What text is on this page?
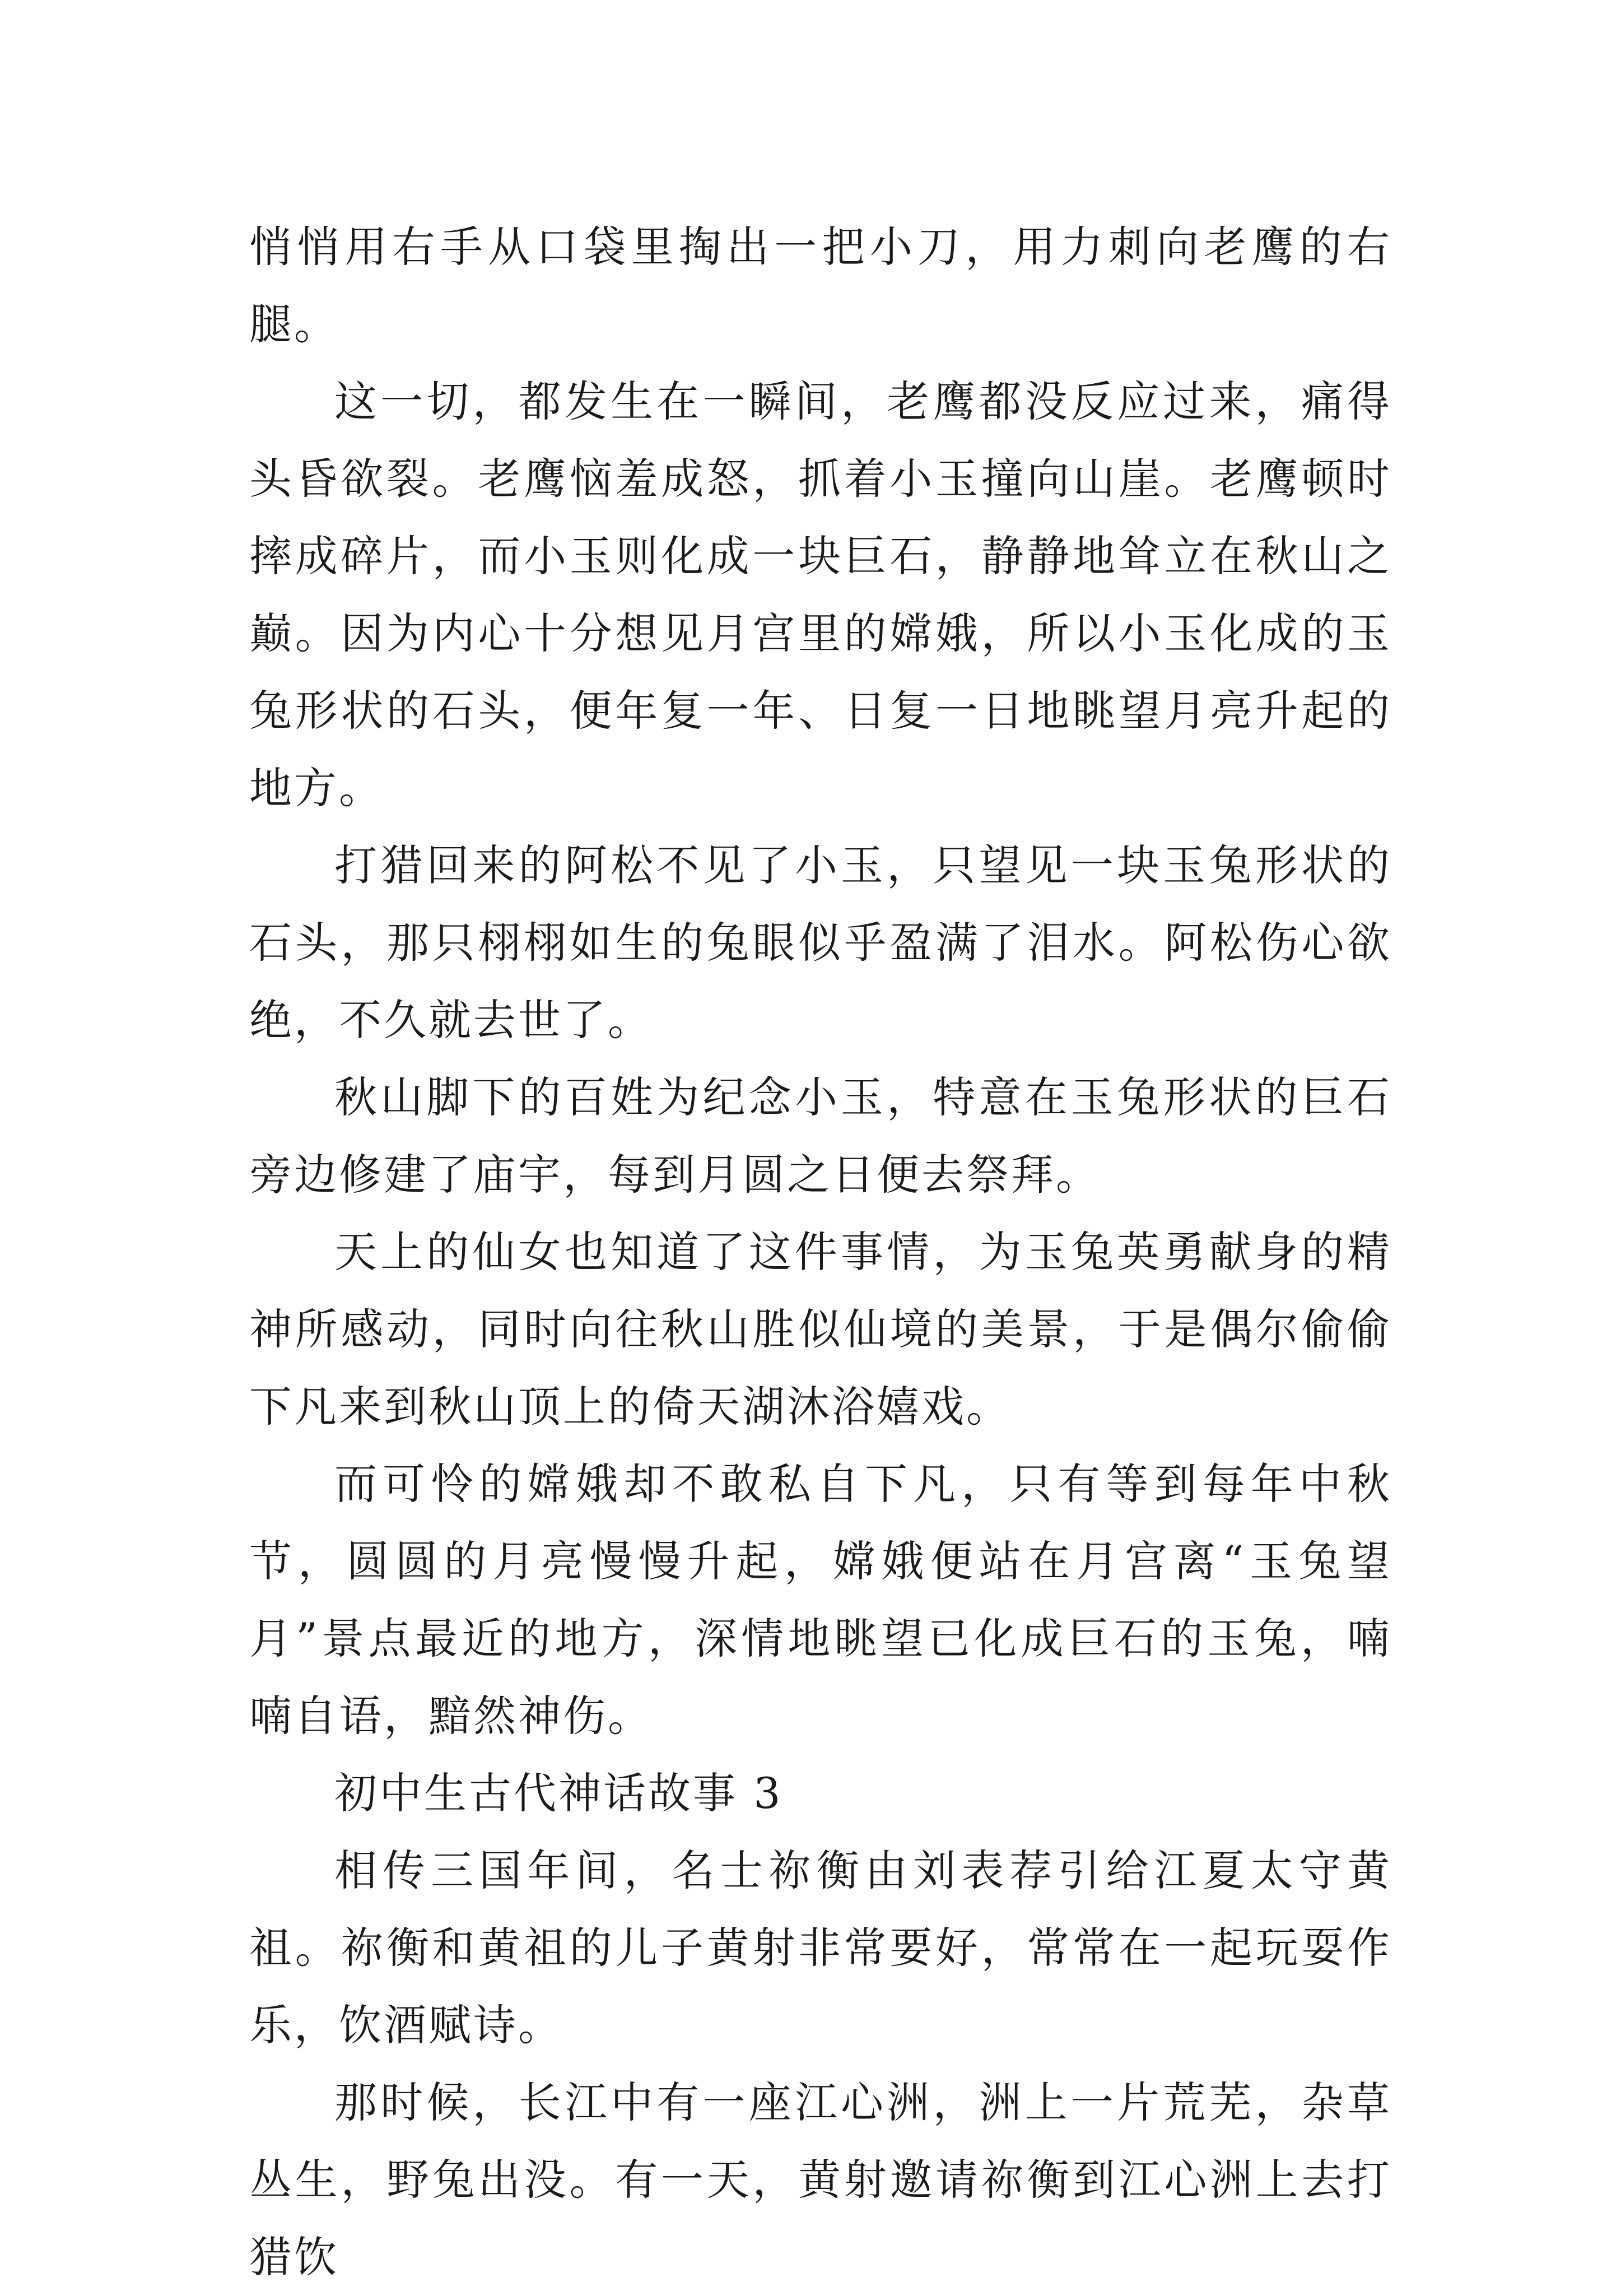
悄悄用右手从口袋里掏出一把小刀，用力刺向老鹰的右腿。

这一切，都发生在一瞬间，老鹰都没反应过来，痛得头昏欲裂。老鹰恼羞成怒，抓着小玉撞向山崖。老鹰顿时摔成碎片，而小玉则化成一块巨石，静静地耸立在秋山之巅。因为内心十分想见月宫里的嫦娥，所以小玉化成的玉兔形状的石头，便年复一年、日复一日地眺望月亮升起的地方。

打猎回来的阿松不见了小玉，只望见一块玉兔形状的石头，那只栩栩如生的兔眼似乎盈满了泪水。阿松伤心欲绝，不久就去世了。

秋山脚下的百姓为纪念小玉，特意在玉兔形状的巨石旁边修建了庙宇，每到月圆之日便去祭拜。

天上的仙女也知道了这件事情，为玉兔英勇献身的精神所感动，同时向往秋山胜似仙境的美景，于是偶尔偷偷下凡来到秋山顶上的倚天湖沐浴嬉戏。

而可怜的嫦娥却不敢私自下凡，只有等到每年中秋节，圆圆的月亮慢慢升起，嫦娥便站在月宫离“玉兔望月”景点最近的地方，深情地眺望已化成巨石的玉兔，喃喃自语，黯然神伤。

初中生古代神话故事 3

相传三国年间，名士祢衡由刘表荐引给江夏太守黄祖。祢衡和黄祖的儿子黄射非常要好，常常在一起玩耍作乐，饮酒赋诗。

那时候，长江中有一座江心洲，洲上一片荒芜，杂草丛生，野兔出没。有一天，黄射邀请祢衡到江心洲上去打猎饮
